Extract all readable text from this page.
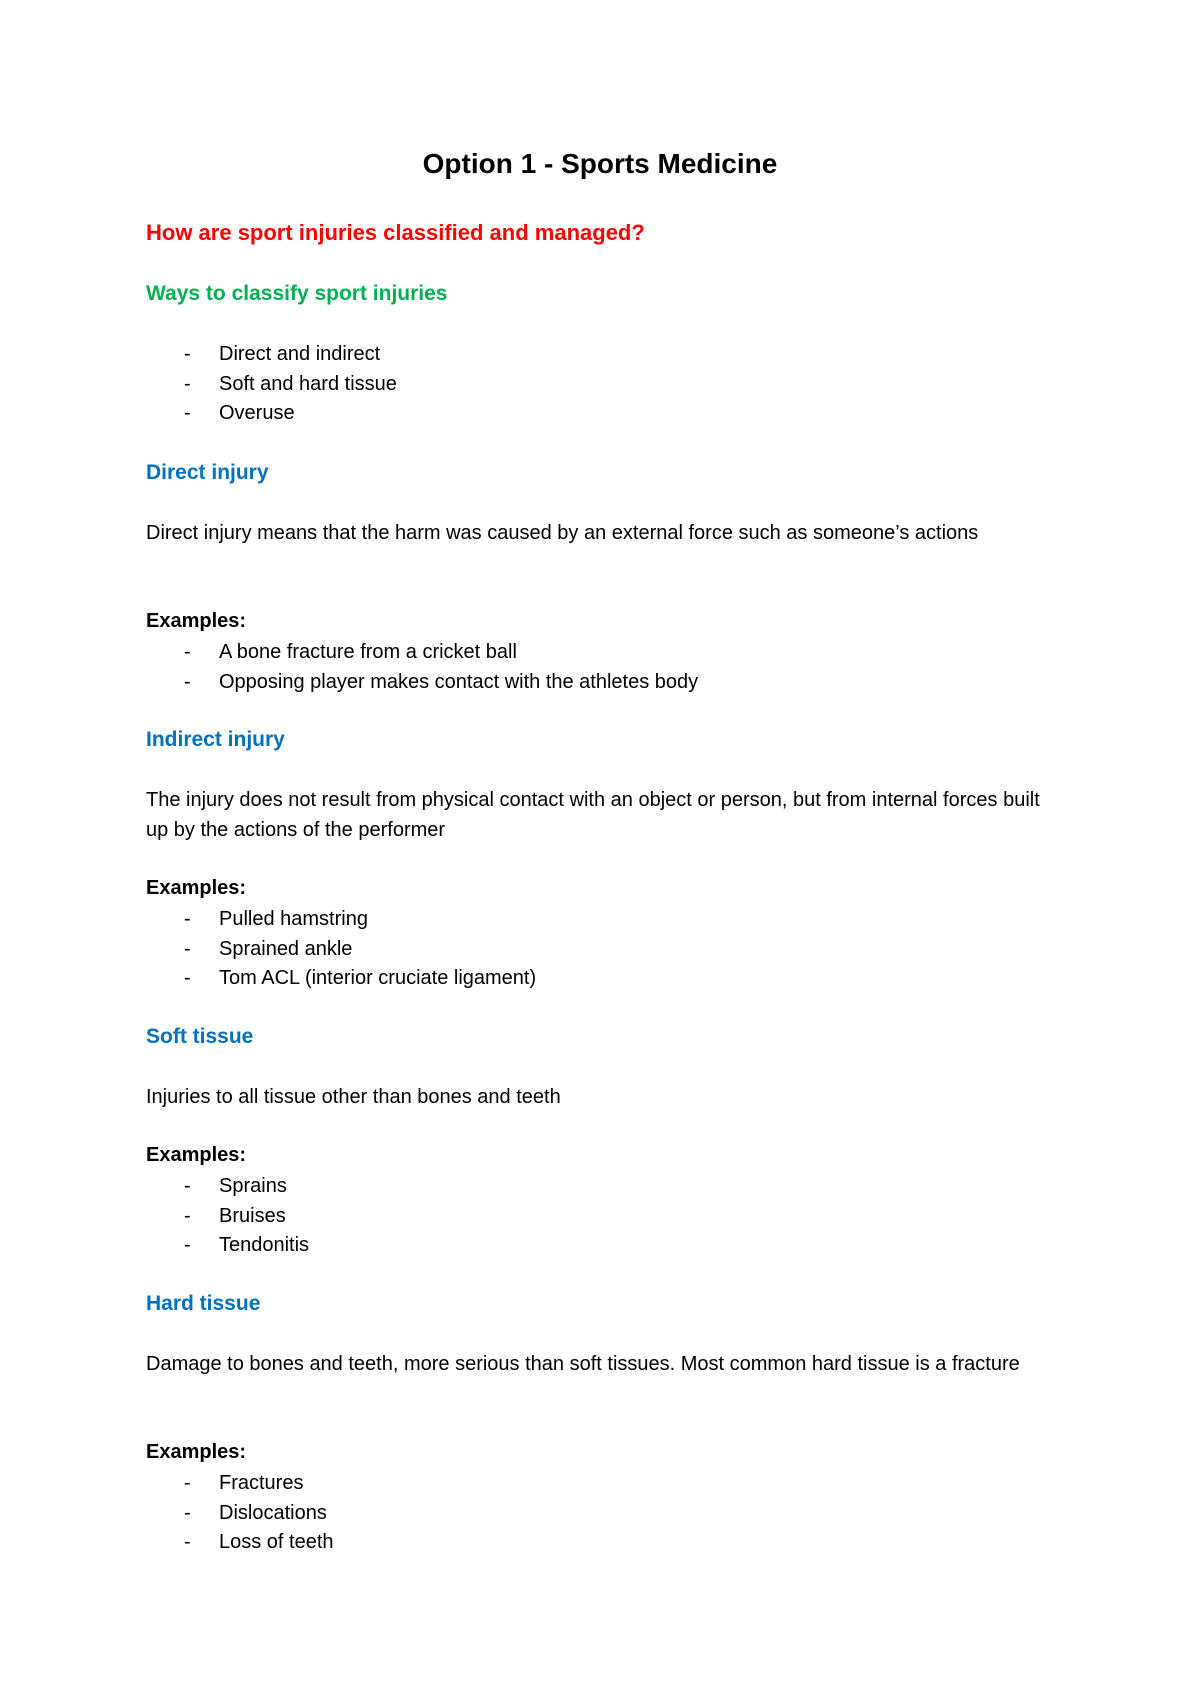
Option 1 - Sports Medicine
How are sport injuries classified and managed?
Ways to classify sport injuries
- Direct and indirect
- Soft and hard tissue
- Overuse
Direct injury

Direct injury means that the harm was caused by an external force such as someone’s actions

Examples:

- A bone fracture from a cricket ball
- Opposing player makes contact with the athletes body
Indirect injury

The injury does not result from physical contact with an object or person, but from internal forces built up by the actions of the performer

Examples:

- Pulled hamstring
- Sprained ankle
- Tom ACL (interior cruciate ligament)
Soft tissue

Injuries to all tissue other than bones and teeth

Examples:

- Sprains
- Bruises
- Tendonitis
Hard tissue

Damage to bones and teeth, more serious than soft tissues. Most common hard tissue is a fracture

Examples:

- Fractures
- Dislocations
- Loss of teeth
